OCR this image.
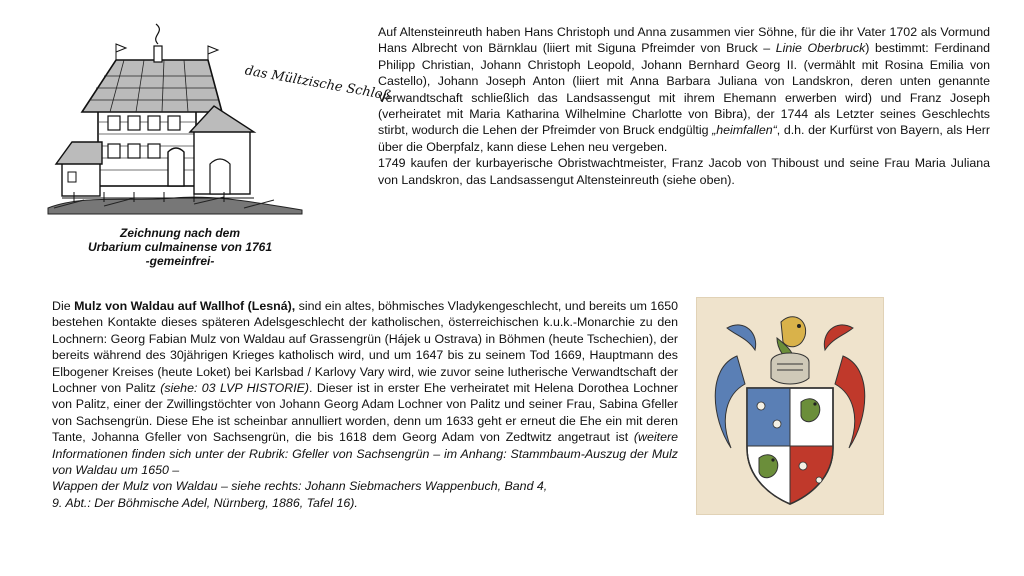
das Mültzische Schloß
Zeichnung nach dem
Urbarium culmainense von 1761
-gemeinfrei-

Auf Altensteinreuth haben Hans Christoph und Anna zusammen vier Söhne, für die ihr Vater 1702 als Vormund Hans Albrecht von Bärnklau (liiert mit Siguna Pfreimder von Bruck – Linie Oberbruck) bestimmt: Ferdinand Philipp Christian, Johann Christoph Leopold, Johann Bernhard Georg II. (vermählt mit Rosina Emilia von Castello), Johann Joseph Anton (liiert mit Anna Barbara Juliana von Landskron, deren unten genannte Verwandtschaft schließlich das Landsassengut mit ihrem Ehemann erwerben wird) und Franz Joseph (verheiratet mit Maria Katharina Wilhelmine Charlotte von Bibra), der 1744 als Letzter seines Geschlechts stirbt, wodurch die Lehen der Pfreimder von Bruck endgültig „heimfallen“, d.h. der Kurfürst von Bayern, als Herr über die Oberpfalz, kann diese Lehen neu vergeben.

1749 kaufen der kurbayerische Obristwachtmeister, Franz Jacob von Thiboust und seine Frau Maria Juliana von Landskron, das Landsassengut Altensteinreuth (siehe oben).

Die Mulz von Waldau auf Wallhof (Lesná), sind ein altes, böhmisches Vladykengeschlecht, und bereits um 1650 bestehen Kontakte dieses späteren Adelsgeschlecht der katholischen, österreichischen k.u.k.-Monarchie zu den Lochnern: Georg Fabian Mulz von Waldau auf Grassengrün (Hájek u Ostrava) in Böhmen (heute Tschechien), der bereits während des 30jährigen Krieges katholisch wird, und um 1647 bis zu seinem Tod 1669, Hauptmann des Elbogener Kreises (heute Loket) bei Karlsbad / Karlovy Vary wird, wie zuvor seine lutherische Verwandtschaft der Lochner von Palitz (siehe: 03 LVP HISTORIE). Dieser ist in erster Ehe verheiratet mit Helena Dorothea Lochner von Palitz, einer der Zwillingstöchter von Johann Georg Adam Lochner von Palitz und seiner Frau, Sabina Gfeller von Sachsengrün. Diese Ehe ist scheinbar annulliert worden, denn um 1633 geht er erneut die Ehe ein mit deren Tante, Johanna Gfeller von Sachsengrün, die bis 1618 dem Georg Adam von Zedtwitz angetraut ist (weitere Informationen finden sich unter der Rubrik: Gfeller von Sachsengrün – im Anhang: Stammbaum-Auszug der Mulz von Waldau um 1650 –
Wappen der Mulz von Waldau – siehe rechts: Johann Siebmachers Wappenbuch, Band 4,
9. Abt.: Der Böhmische Adel, Nürnberg, 1886, Tafel 16).
